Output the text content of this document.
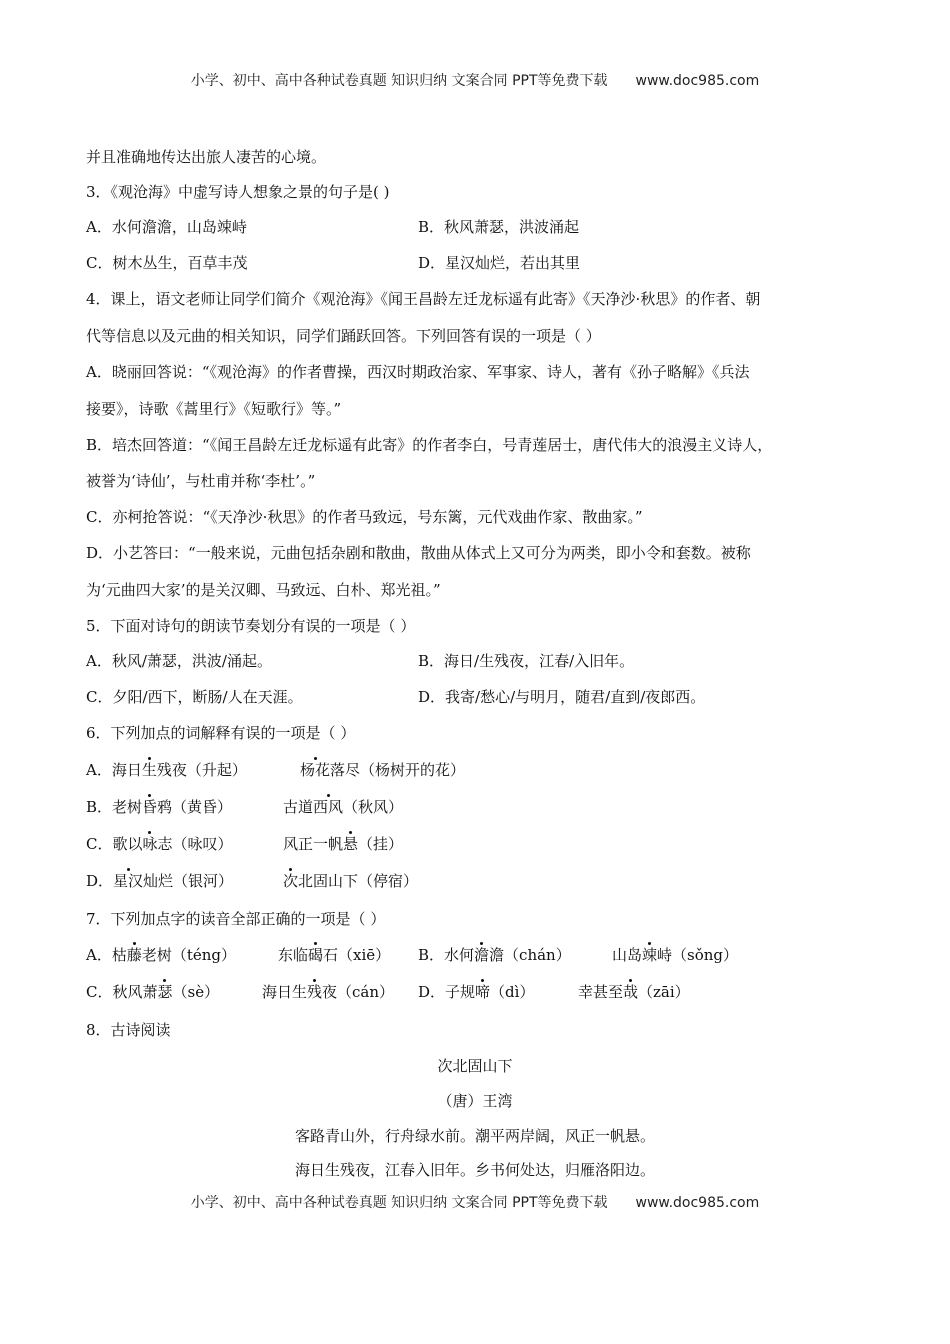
小学、初中、高中各种试卷真题 知识归纳 文案合同 PPT等免费下载 www.doc985.com
并且准确地传达出旅人凄苦的心境。
3．《观沧海》中虚写诗人想象之景的句子是( )
A．水何澹澹，山岛竦峙	B．秋风萧瑟，洪波涌起
C．树木丛生，百草丰茂	D．星汉灿烂，若出其里
4．课上，语文老师让同学们简介《观沧海》《闻王昌龄左迁龙标遥有此寄》《天净沙·秋思》的作者、朝
代等信息以及元曲的相关知识，同学们踊跃回答。下列回答有误的一项是（ ）
A．晓丽回答说：“《观沧海》的作者曹操，西汉时期政治家、军事家、诗人，著有《孙子略解》《兵法
接要》，诗歌《蒿里行》《短歌行》等。”
B．培杰回答道：“《闻王昌龄左迁龙标遥有此寄》的作者李白，号青莲居士，唐代伟大的浪漫主义诗人，
被誉为‘诗仙’，与杜甫并称‘李杜’。”
C．亦柯抢答说：“《天净沙·秋思》的作者马致远，号东篱，元代戏曲作家、散曲家。”
D．小艺答曰：“一般来说，元曲包括杂剧和散曲，散曲从体式上又可分为两类，即小令和套数。被称
为‘元曲四大家’的是关汉卿、马致远、白朴、郑光祖。”
5．下面对诗句的朗读节奏划分有误的一项是（ ）
A．秋风/萧瑟，洪波/涌起。	B．海日/生残夜，江春/入旧年。
C．夕阳/西下，断肠/人在天涯。	D．我寄/愁心/与明月，随君/直到/夜郎西。
6．下列加点的词解释有误的一项是（ ）
A．海日生残夜（升起）	杨花落尽（杨树开的花）
B．老树昏鸦（黄昏）	古道西风（秋风）
C．歌以咏志（咏叹）	风正一帆悬（挂）
D．星汉灿烂（银河）	次北固山下（停宿）
7．下列加点字的读音全部正确的一项是（ ）
A．枯藤老树（téng）	东临碣石（xiē） B．水何澹澹（chán）	山岛竦峙（sǒng）
C．秋风萧瑟（sè）	海日生残夜（cán） D．子规啼（dì）	幸甚至哉（zāi）
8．古诗阅读
次北固山下
（唐）王湾
客路青山外，行舟绿水前。潮平两岸阔，风正一帆悬。
海日生残夜，江春入旧年。乡书何处达，归雁洛阳边。
小学、初中、高中各种试卷真题 知识归纳 文案合同 PPT等免费下载 www.doc985.com
